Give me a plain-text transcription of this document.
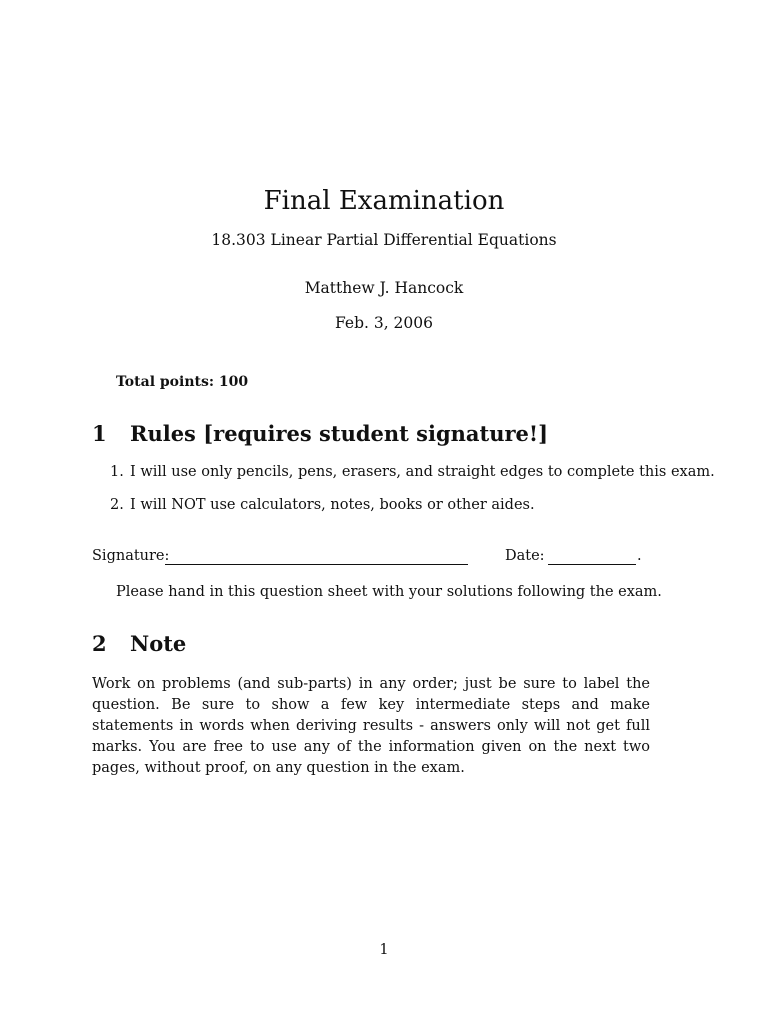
Final Examination
18.303 Linear Partial Differential Equations
Matthew J. Hancock
Feb. 3, 2006
Total points: 100
1 Rules [requires student signature!]
1. I will use only pencils, pens, erasers, and straight edges to complete this exam.
2. I will NOT use calculators, notes, books or other aides.
Signature:	Date:	.
Please hand in this question sheet with your solutions following the exam.
2 Note
Work on problems (and sub-parts) in any order; just be sure to label the question. Be sure to show a few key intermediate steps and make statements in words when deriving results - answers only will not get full marks. You are free to use any of the information given on the next two pages, without proof, on any question in the exam.
1
